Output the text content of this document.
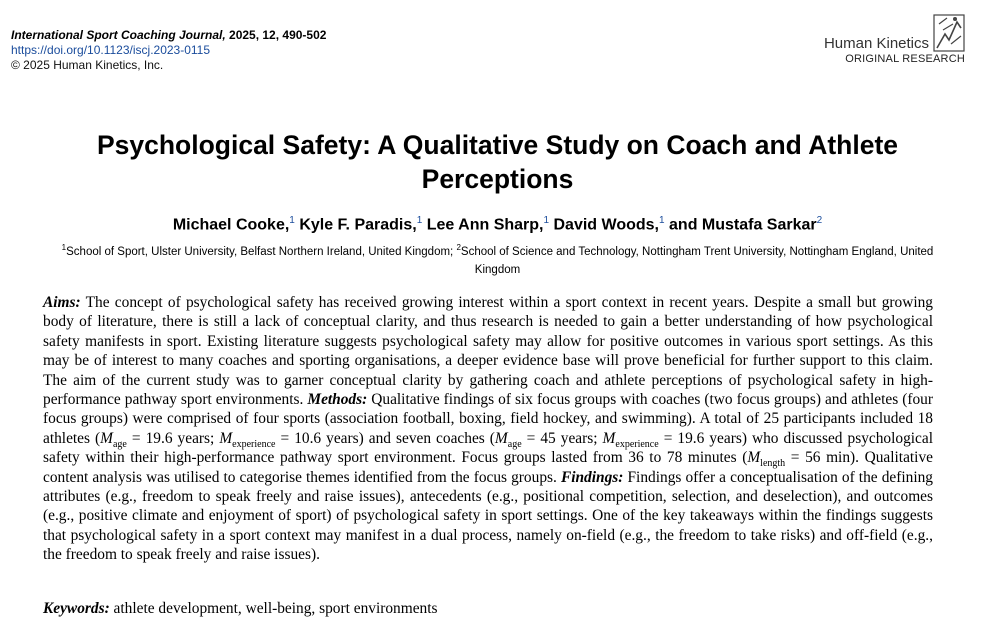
International Sport Coaching Journal, 2025, 12, 490-502
https://doi.org/10.1123/iscj.2023-0115
© 2025 Human Kinetics, Inc.
Human Kinetics
ORIGINAL RESEARCH
Psychological Safety: A Qualitative Study on Coach and Athlete Perceptions
Michael Cooke,$^1$ Kyle F. Paradis,$^1$ Lee Ann Sharp,$^1$ David Woods,$^1$ and Mustafa Sarkar$^2$
$^1$School of Sport, Ulster University, Belfast Northern Ireland, United Kingdom; $^2$School of Science and Technology, Nottingham Trent University, Nottingham England, United Kingdom

Aims: The concept of psychological safety has received growing interest within a sport context in recent years. Despite a small but growing body of literature, there is still a lack of conceptual clarity, and thus research is needed to gain a better understanding of how psychological safety manifests in sport. Existing literature suggests psychological safety may allow for positive outcomes in various sport settings. As this may be of interest to many coaches and sporting organisations, a deeper evidence base will prove beneficial for further support to this claim. The aim of the current study was to garner conceptual clarity by gathering coach and athlete perceptions of psychological safety in high-performance pathway sport environments. Methods: Qualitative findings of six focus groups with coaches (two focus groups) and athletes (four focus groups) were comprised of four sports (association football, boxing, field hockey, and swimming). A total of 25 participants included 18 athletes ($M_{age} = 19.6$ years; $M_{experience} = 10.6$ years) and seven coaches ($M_{age} = 45$ years; $M_{experience} = 19.6$ years) who discussed psychological safety within their high-performance pathway sport environment. Focus groups lasted from 36 to 78 minutes ($M_{length} = 56$ min). Qualitative content analysis was utilised to categorise themes identified from the focus groups. Findings: Findings offer a conceptualisation of the defining attributes (e.g., freedom to speak freely and raise issues), antecedents (e.g., positional competition, selection, and deselection), and outcomes (e.g., positive climate and enjoyment of sport) of psychological safety in sport settings. One of the key takeaways within the findings suggests that psychological safety in a sport context may manifest in a dual process, namely on-field (e.g., the freedom to take risks) and off-field (e.g., the freedom to speak freely and raise issues).

Keywords: athlete development, well-being, sport environments
